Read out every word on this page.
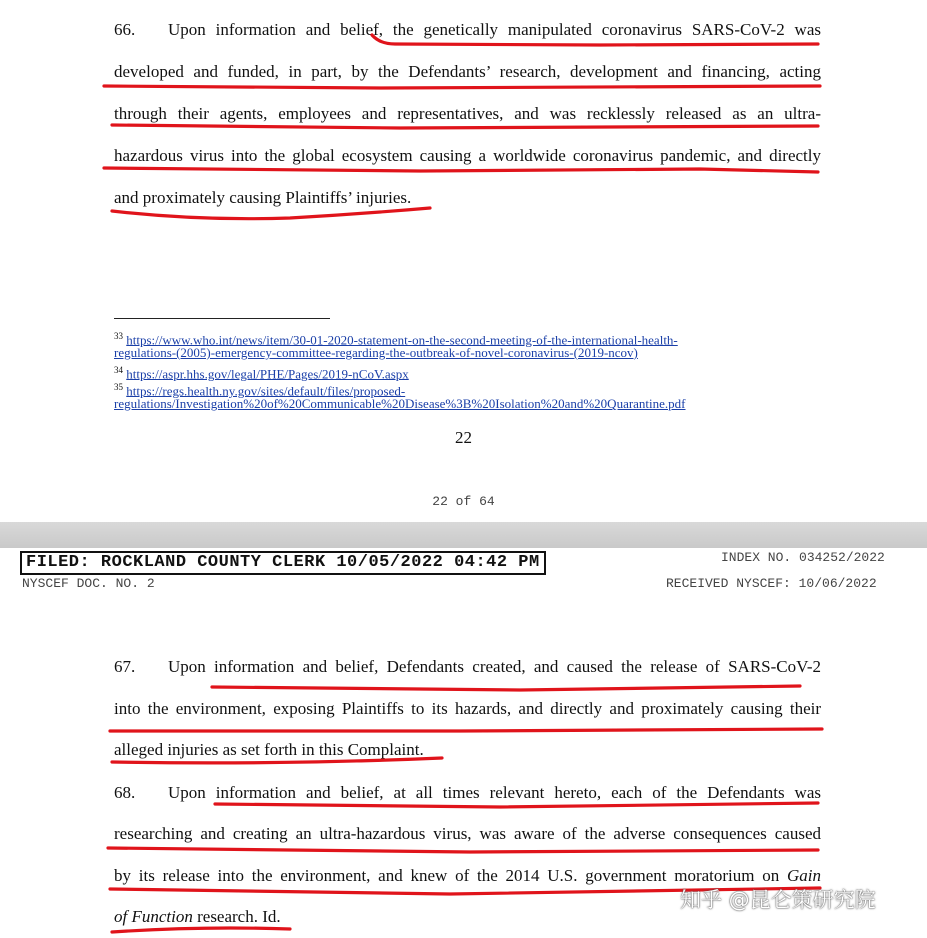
66. Upon information and belief, the genetically manipulated coronavirus SARS-CoV-2 was
developed and funded, in part, by the Defendants’ research, development and financing, acting
through their agents, employees and representatives, and was recklessly released as an ultra-
hazardous virus into the global ecosystem causing a worldwide coronavirus pandemic, and directly
and proximately causing Plaintiffs’ injuries.
$^{33}$ https://www.who.int/news/item/30-01-2020-statement-on-the-second-meeting-of-the-international-health-
regulations-(2005)-emergency-committee-regarding-the-outbreak-of-novel-coronavirus-(2019-ncov)
$^{34}$ https://aspr.hhs.gov/legal/PHE/Pages/2019-nCoV.aspx
$^{35}$ https://regs.health.ny.gov/sites/default/files/proposed-
regulations/Investigation%20of%20Communicable%20Disease%3B%20Isolation%20and%20Quarantine.pdf
22
22 of 64
FILED: ROCKLAND COUNTY CLERK 10/05/2022 04:42 PM	INDEX NO. 034252/2022
NYSCEF DOC. NO. 2	RECEIVED NYSCEF: 10/06/2022
67. Upon information and belief, Defendants created, and caused the release of SARS-CoV-2
into the environment, exposing Plaintiffs to its hazards, and directly and proximately causing their
alleged injuries as set forth in this Complaint.
68. Upon information and belief, at all times relevant hereto, each of the Defendants was
researching and creating an ultra-hazardous virus, was aware of the adverse consequences caused
by its release into the environment, and knew of the 2014 U.S. government moratorium on Gain
of Function research. Id.
知乎 @昆仑策研究院
